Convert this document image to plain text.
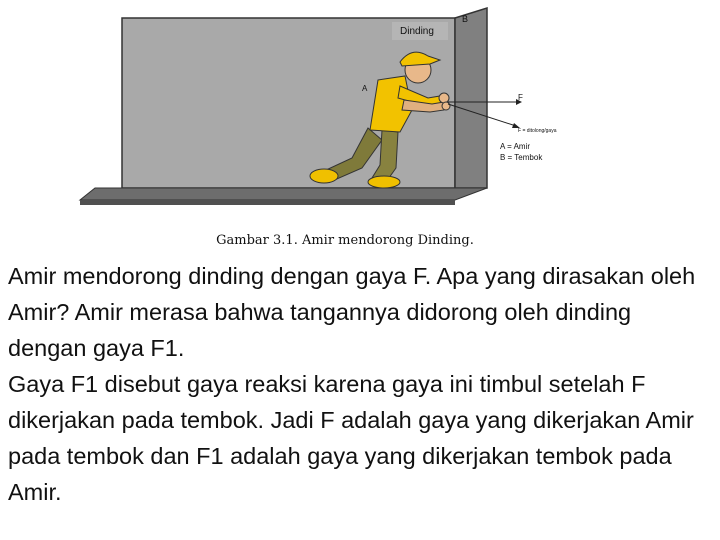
Dinding
B
A
F
F = ditolong/gaya
A = Amir
B = Tembok
Gambar 3.1. Amir mendorong Dinding.

Amir mendorong dinding dengan gaya F. Apa yang dirasakan oleh Amir? Amir merasa bahwa tangannya didorong oleh dinding dengan gaya F1.

Gaya F1 disebut gaya reaksi karena gaya ini timbul setelah F dikerjakan pada tembok. Jadi F adalah gaya yang dikerjakan Amir pada tembok dan F1 adalah gaya yang dikerjakan tembok pada Amir.
